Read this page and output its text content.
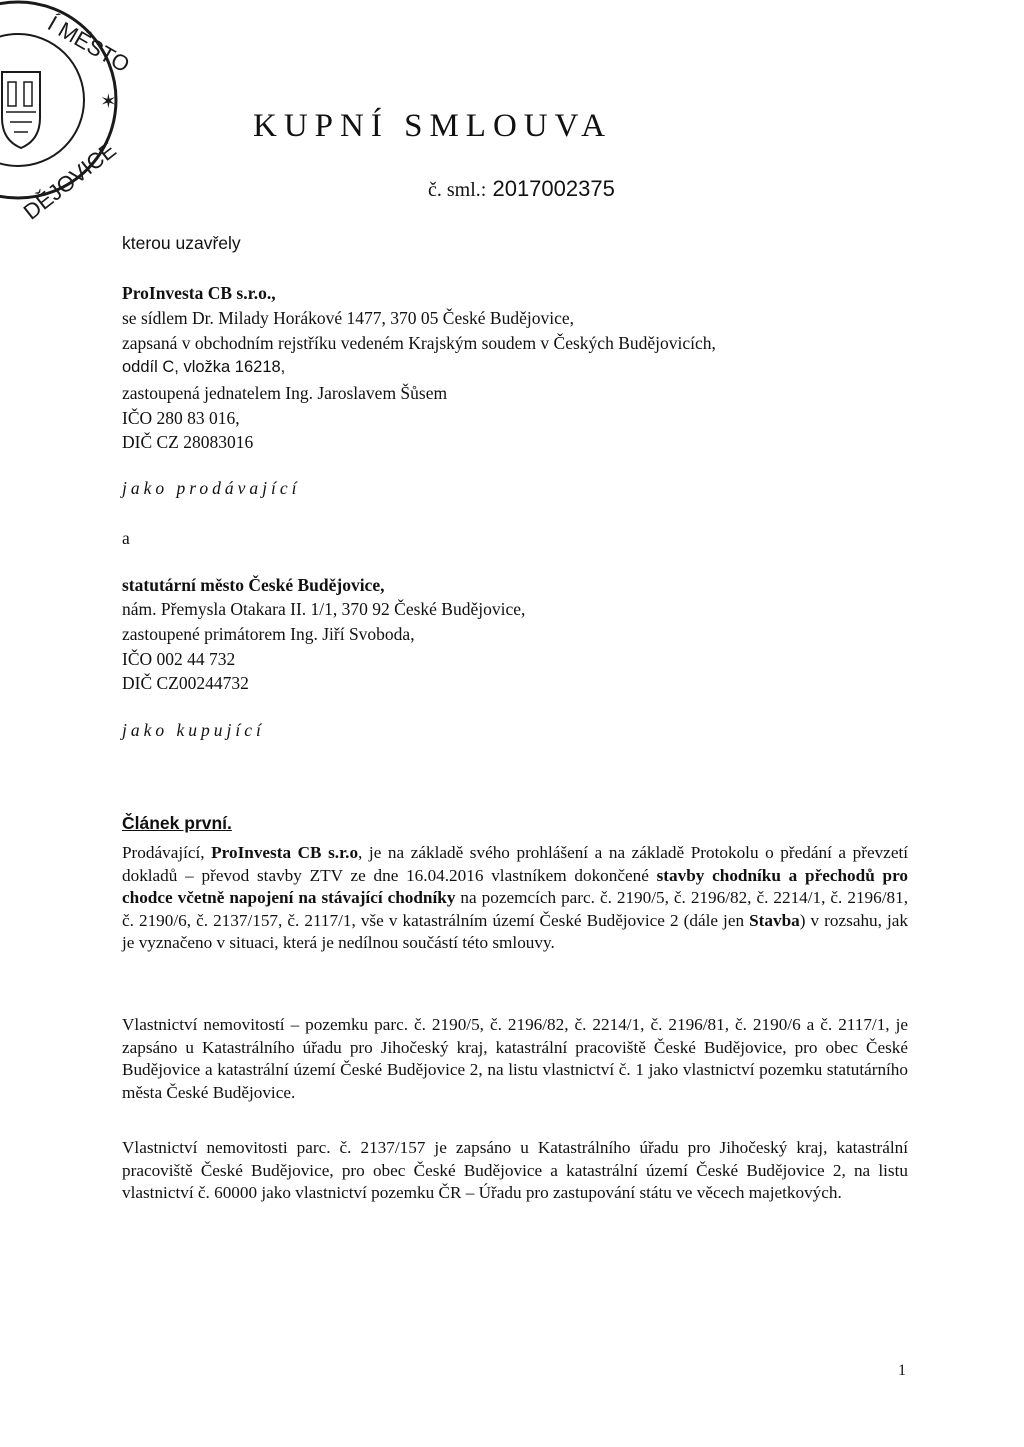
Í MĚSTO
✶
DĚJOVICE
KUPNÍ SMLOUVA
č. sml.: 2017002375
kterou uzavřely
ProInvesta CB s.r.o.,
se sídlem Dr. Milady Horákové 1477, 370 05 České Budějovice,
zapsaná v obchodním rejstříku vedeném Krajským soudem v Českých Budějovicích,
oddíl C, vložka 16218,
zastoupená jednatelem Ing. Jaroslavem Šůsem
IČO 280 83 016,
DIČ CZ 28083016
jako prodávající
a
statutární město České Budějovice,
nám. Přemysla Otakara II. 1/1, 370 92 České Budějovice,
zastoupené primátorem Ing. Jiří Svoboda,
IČO 002 44 732
DIČ CZ00244732
jako kupující
Článek první.

Prodávající, ProInvesta CB s.r.o, je na základě svého prohlášení a na základě Protokolu o předání a převzetí dokladů – převod stavby ZTV ze dne 16.04.2016 vlastníkem dokončené stavby chodníku a přechodů pro chodce včetně napojení na stávající chodníky na pozemcích parc. č. 2190/5, č. 2196/82, č. 2214/1, č. 2196/81, č. 2190/6, č. 2137/157, č. 2117/1, vše v katastrálním území České Budějovice 2 (dále jen Stavba) v rozsahu, jak je vyznačeno v situaci, která je nedílnou součástí této smlouvy.

Vlastnictví nemovitostí – pozemku parc. č. 2190/5, č. 2196/82, č. 2214/1, č. 2196/81, č. 2190/6 a č. 2117/1, je zapsáno u Katastrálního úřadu pro Jihočeský kraj, katastrální pracoviště České Budějovice, pro obec České Budějovice a katastrální území České Budějovice 2, na listu vlastnictví č. 1 jako vlastnictví pozemku statutárního města České Budějovice.

Vlastnictví nemovitosti parc. č. 2137/157 je zapsáno u Katastrálního úřadu pro Jihočeský kraj, katastrální pracoviště České Budějovice, pro obec České Budějovice a katastrální území České Budějovice 2, na listu vlastnictví č. 60000 jako vlastnictví pozemku ČR – Úřadu pro zastupování státu ve věcech majetkových.

1
